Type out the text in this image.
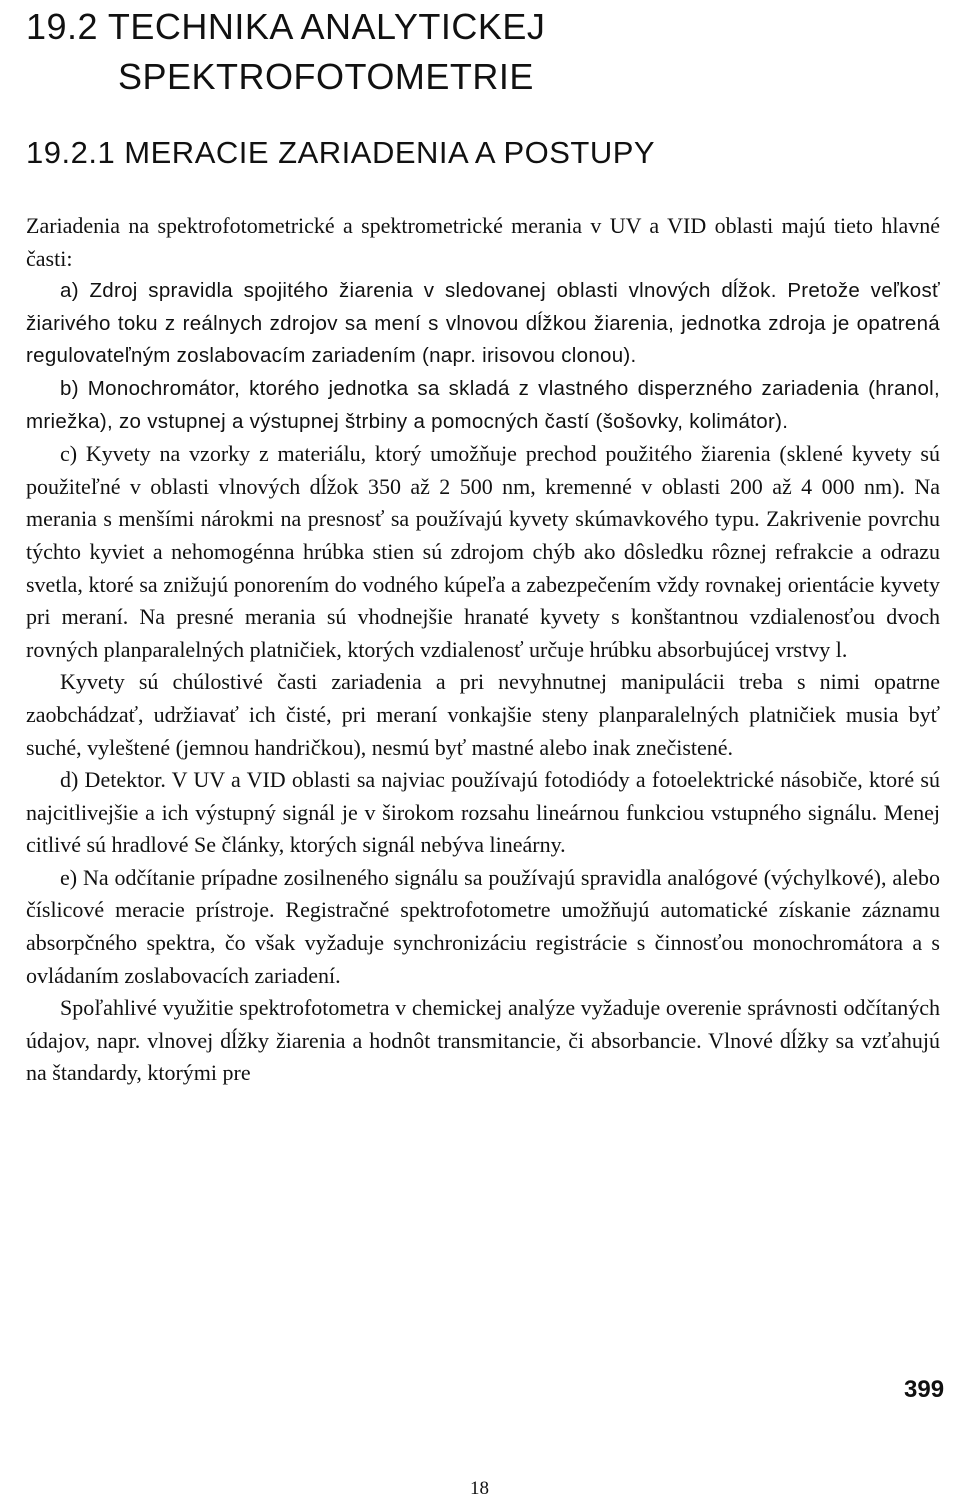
19.2 TECHNIKA ANALYTICKEJ
SPEKTROFOTOMETRIE
19.2.1 MERACIE ZARIADENIA A POSTUPY

Zariadenia na spektrofotometrické a spektrometrické merania v UV a VID oblasti majú tieto hlavné časti:

a) Zdroj spravidla spojitého žiarenia v sledovanej oblasti vlnových dĺžok. Pretože veľkosť žiarivého toku z reálnych zdrojov sa mení s vlnovou dĺžkou žiarenia, jednotka zdroja je opatrená regulovateľným zoslabovacím zariadením (napr. irisovou clonou).

b) Monochromátor, ktorého jednotka sa skladá z vlastného disperzného zariadenia (hranol, mriežka), zo vstupnej a výstupnej štrbiny a pomocných častí (šošovky, kolimátor).

c) Kyvety na vzorky z materiálu, ktorý umožňuje prechod použitého žiarenia (sklené kyvety sú použiteľné v oblasti vlnových dĺžok 350 až 2 500 nm, kremenné v oblasti 200 až 4 000 nm). Na merania s menšími nárokmi na presnosť sa používajú kyvety skúmavkového typu. Zakrivenie povrchu týchto kyviet a nehomogénna hrúbka stien sú zdrojom chýb ako dôsledku rôznej refrakcie a odrazu svetla, ktoré sa znižujú ponorením do vodného kúpeľa a zabezpečením vždy rovnakej orientácie kyvety pri meraní. Na presné merania sú vhodnejšie hranaté kyvety s konštantnou vzdialenosťou dvoch rovných planparalelných platničiek, ktorých vzdialenosť určuje hrúbku absorbujúcej vrstvy l.

Kyvety sú chúlostivé časti zariadenia a pri nevyhnutnej manipulácii treba s nimi opatrne zaobchádzať, udržiavať ich čisté, pri meraní vonkajšie steny planparalelných platničiek musia byť suché, vyleštené (jemnou handričkou), nesmú byť mastné alebo inak znečistené.

d) Detektor. V UV a VID oblasti sa najviac používajú fotodiódy a fotoelektrické násobiče, ktoré sú najcitlivejšie a ich výstupný signál je v širokom rozsahu lineárnou funkciou vstupného signálu. Menej citlivé sú hradlové Se články, ktorých signál nebýva lineárny.

e) Na odčítanie prípadne zosilneného signálu sa používajú spravidla analógové (výchylkové), alebo číslicové meracie prístroje. Registračné spektrofotometre umožňujú automatické získanie záznamu absorpčného spektra, čo však vyžaduje synchronizáciu registrácie s činnosťou monochromátora a s ovládaním zoslabovacích zariadení.

Spoľahlivé využitie spektrofotometra v chemickej analýze vyžaduje overenie správnosti odčítaných údajov, napr. vlnovej dĺžky žiarenia a hodnôt transmitancie, či absorbancie. Vlnové dĺžky sa vzťahujú na štandardy, ktorými pre

399
18
